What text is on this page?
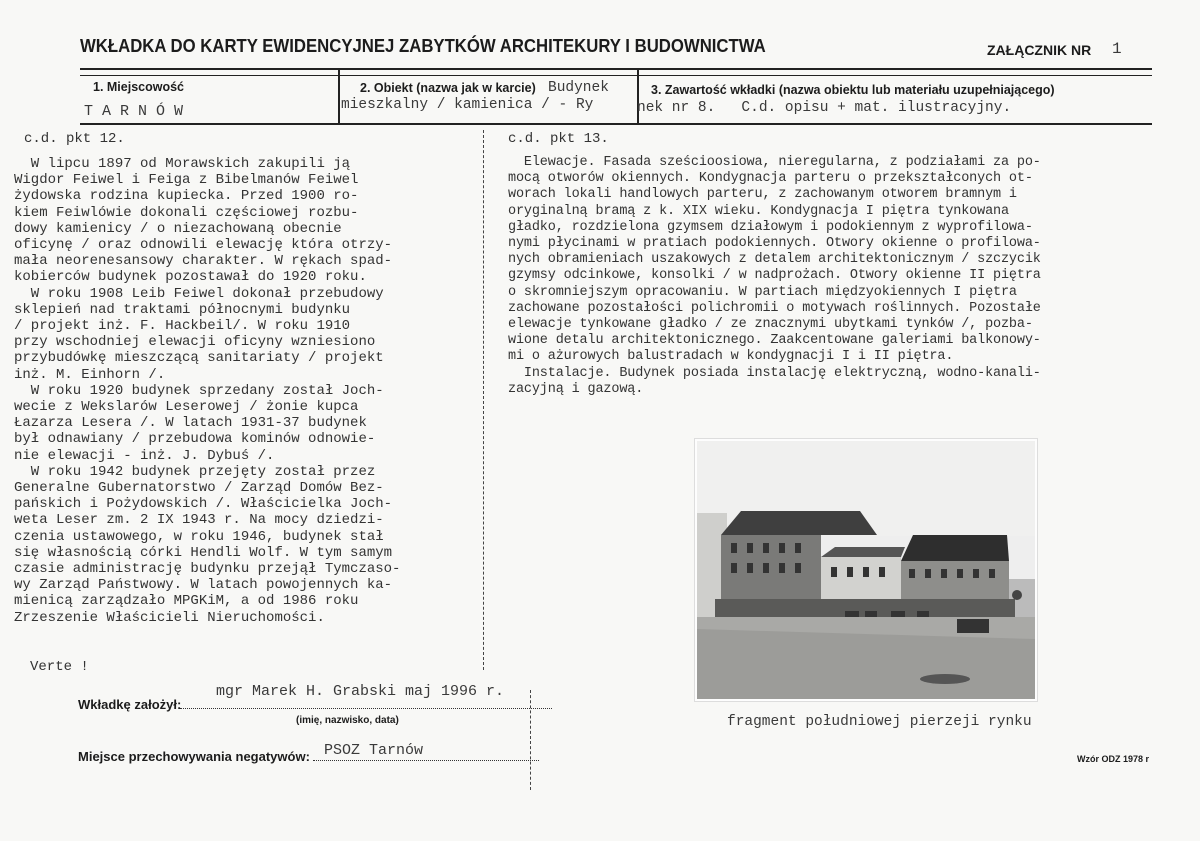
WKŁADKA DO KARTY EWIDENCYJNEJ ZABYTKÓW ARCHITEKURY I BUDOWNICTWA	ZAŁĄCZNIK NR 1
1. Miejscowość
T A R N Ó W
2. Obiekt (nazwa jak w karcie) Budynek
mieszkalny / kamienica / - Ry
3. Zawartość wkładki (nazwa obiektu lub materiału uzupełniającego)
nek nr 8.   C.d. opisu + mat. ilustracyjny.
c.d. pkt 12.
W lipcu 1897 od Morawskich zakupili ją
Wigdor Feiwel i Feiga z Bibelmanów Feiwel
żydowska rodzina kupiecka. Przed 1900 ro-
kiem Feiwlówie dokonali częściowej rozbu-
dowy kamienicy / o niezachowaną obecnie
oficynę / oraz odnowili elewację która otrzy-
mała neorenesansowy charakter. W rękach spad-
kobierców budynek pozostawał do 1920 roku.
W roku 1908 Leib Feiwel dokonał przebudowy
sklepień nad traktami północnymi budynku
/ projekt inż. F. Hackbeil/. W roku 1910
przy wschodniej elewacji oficyny wzniesiono
przybudówkę mieszczącą sanitariaty / projekt
inż. M. Einhorn /.
W roku 1920 budynek sprzedany został Joch-
wecie z Wekslarów Leserowej / żonie kupca
Łazarza Lesera /. W latach 1931-37 budynek
był odnawiany / przebudowa kominów odnowie-
nie elewacji - inż. J. Dybuś /.
W roku 1942 budynek przejęty został przez
Generalne Gubernatorstwo / Zarząd Domów Bez-
pańskich i Pożydowskich /. Właścicielka Joch-
weta Leser zm. 2 IX 1943 r. Na mocy dziedzi-
czenia ustawowego, w roku 1946, budynek stał
się własnością córki Hendli Wolf. W tym samym
czasie administrację budynku przejął Tymczaso-
wy Zarząd Państwowy. W latach powojennych ka-
mienicą zarządzało MPGKiM, a od 1986 roku
Zrzeszenie Właścicieli Nieruchomości.
Verte !
c.d. pkt 13.
Elewacje. Fasada sześcioosiowa, nieregularna, z podziałami za po-
mocą otworów okiennych. Kondygnacja parteru o przekształconych ot-
worach lokali handlowych parteru, z zachowanym otworem bramnym i
oryginalną bramą z k. XIX wieku. Kondygnacja I piętra tynkowana
gładko, rozdzielona gzymsem działowym i podokiennym z wyprofilowa-
nymi płycinami w pratiach podokiennych. Otwory okienne o profilowa-
nych obramieniach uszakowych z detalem architektonicznym / szczycik
gzymsy odcinkowe, konsolki / w nadprożach. Otwory okienne II piętra
o skromniejszym opracowaniu. W partiach międzyokiennych I piętra
zachowane pozostałości polichromii o motywach roślinnych. Pozostałe
elewacje tynkowane gładko / ze znacznymi ubytkami tynków /, pozba-
wione detalu architektonicznego. Zaakcentowane galeriami balkonowy-
mi o ażurowych balustradach w kondygnacji I i II piętra.
Instalacje. Budynek posiada instalację elektryczną, wodno-kanali-
zacyjną i gazową.
fragment południowej pierzeji rynku
mgr Marek H. Grabski maj 1996 r.
Wkładkę założył:
(imię, nazwisko, data)
Miejsce przechowywania negatywów: PSOZ Tarnów	Wzór ODZ 1978 r
